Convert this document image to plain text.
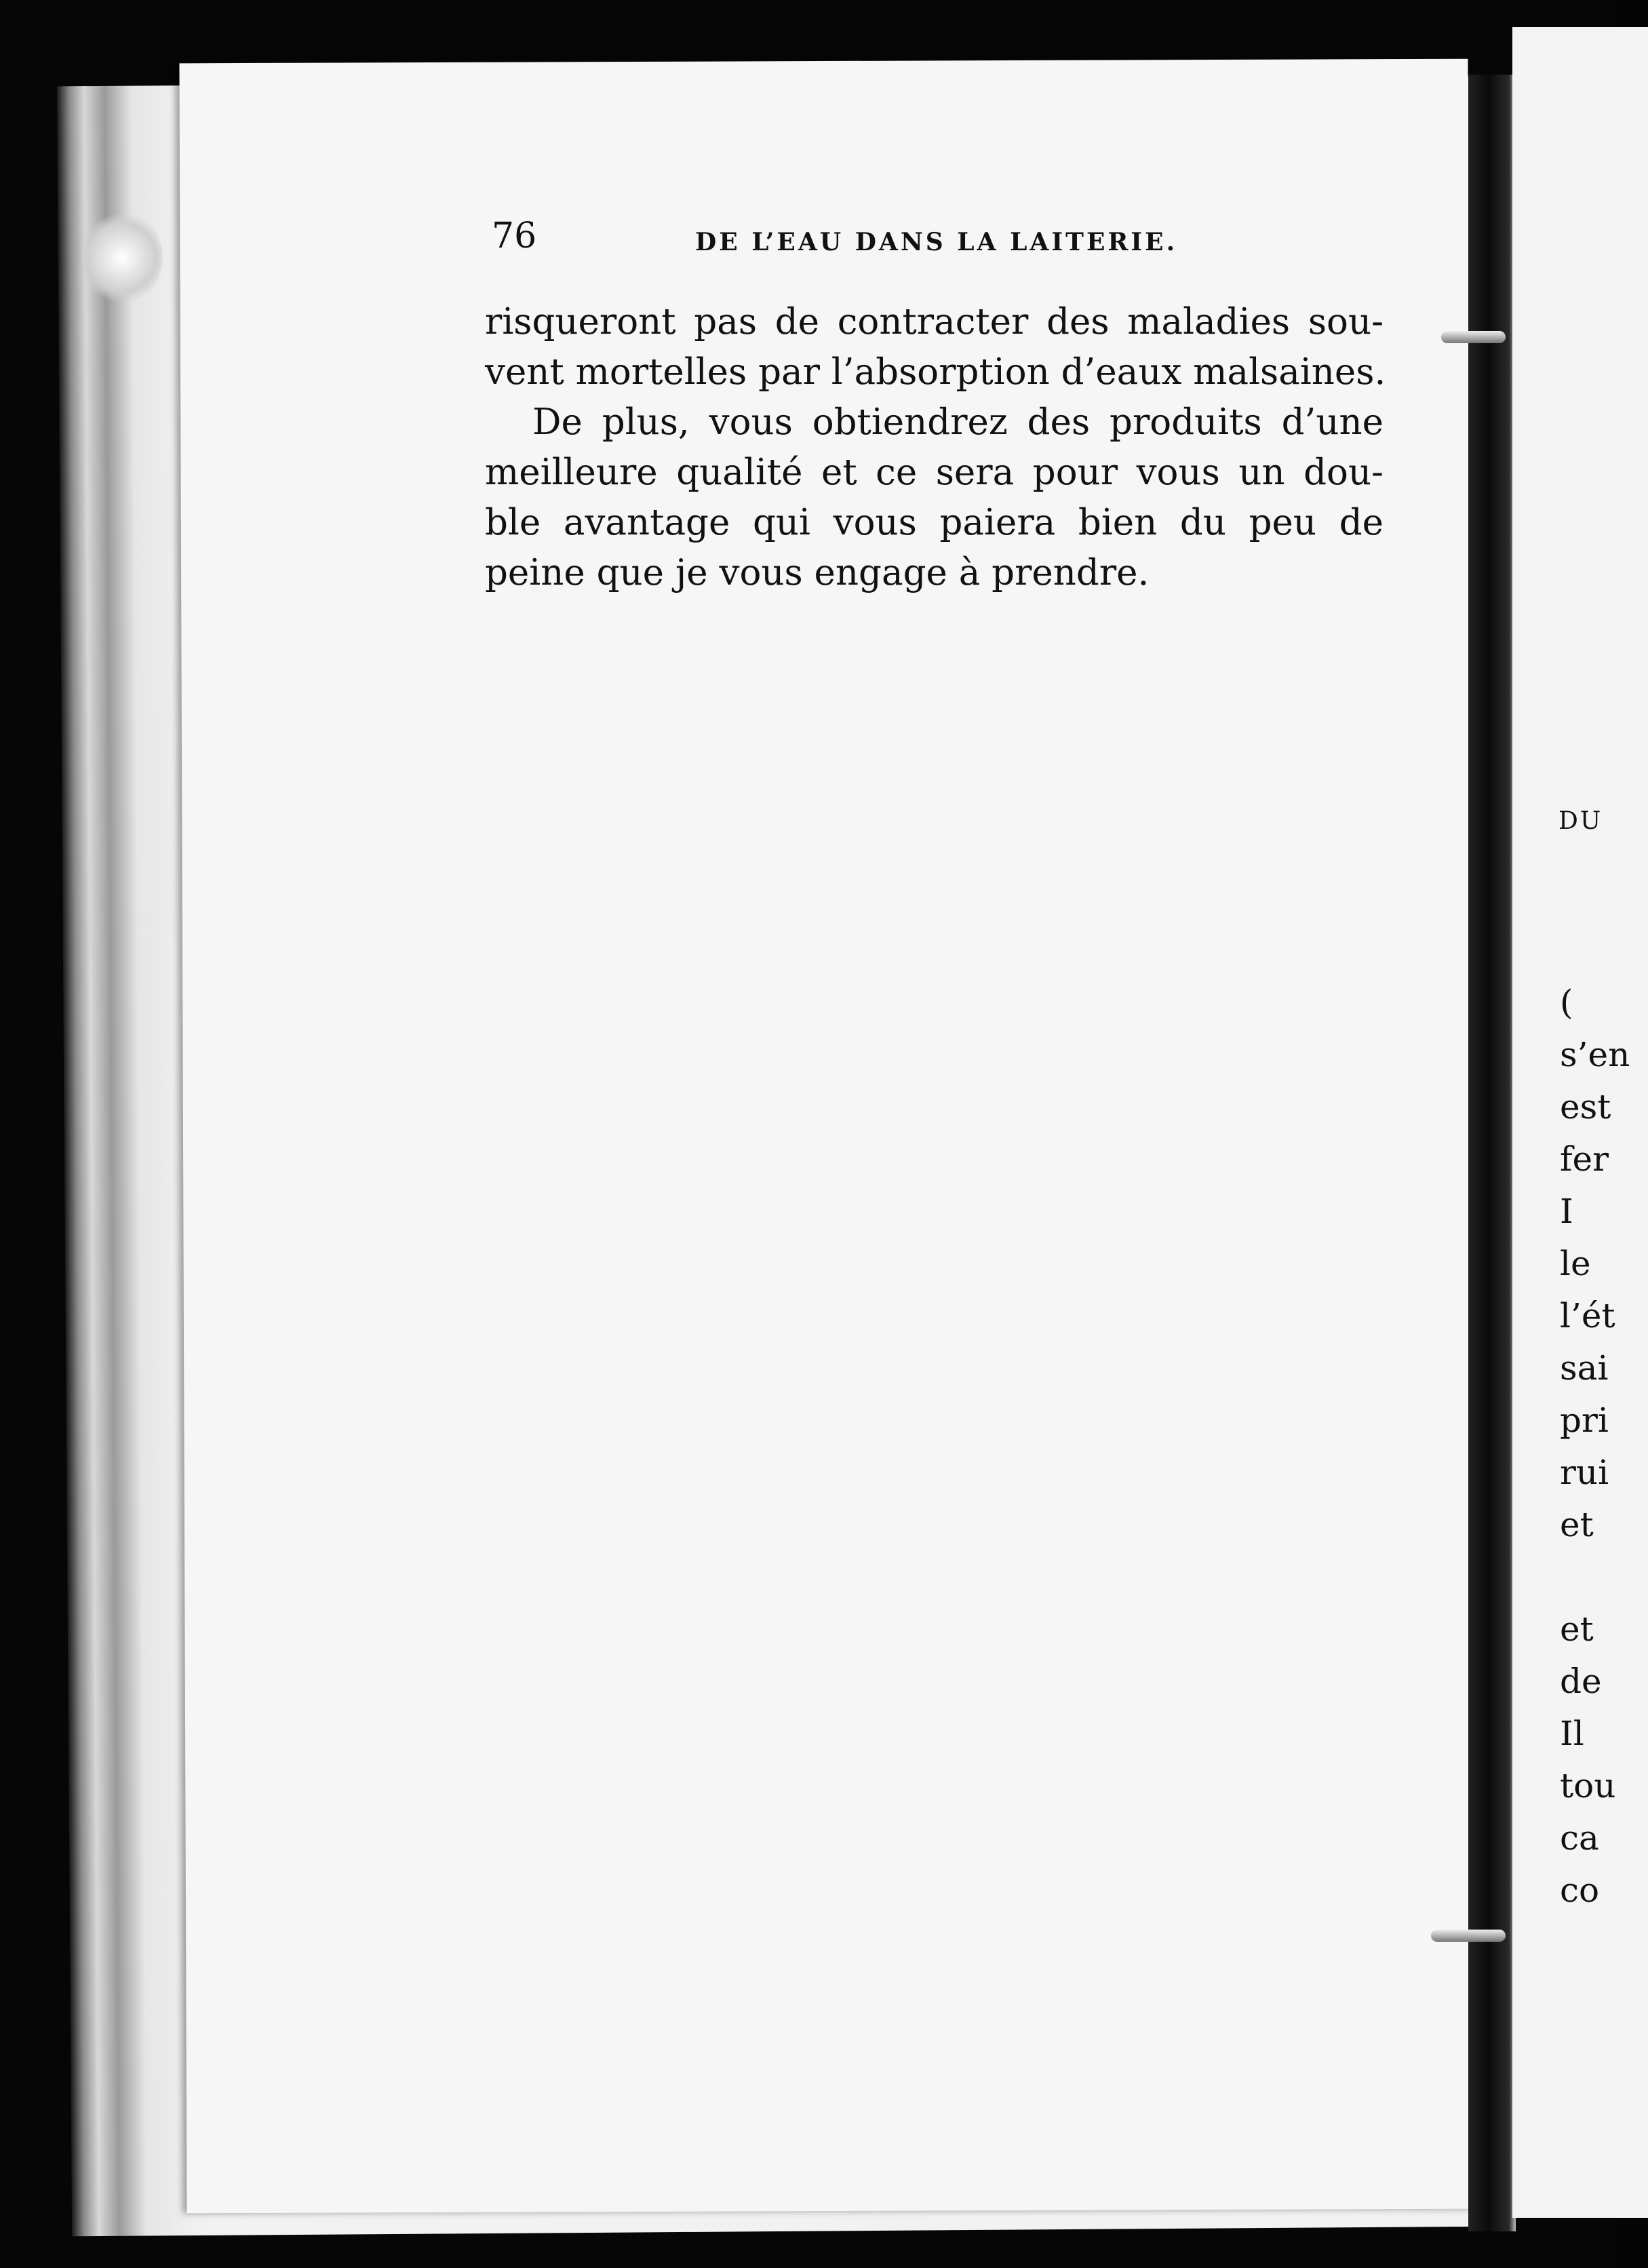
76	DE L’EAU DANS LA LAITERIE.
risqueront pas de contracter des maladies sou-
vent mortelles par l’absorption d’eaux malsaines.
De plus, vous obtiendrez des produits d’une
meilleure qualité et ce sera pour vous un dou-
ble avantage qui vous paiera bien du peu de
peine que je vous engage à prendre.
DU
(
s’en
est
fer
I
le
l’ét
sai
pri
rui
et
et
de
Il
tou
ca
co
